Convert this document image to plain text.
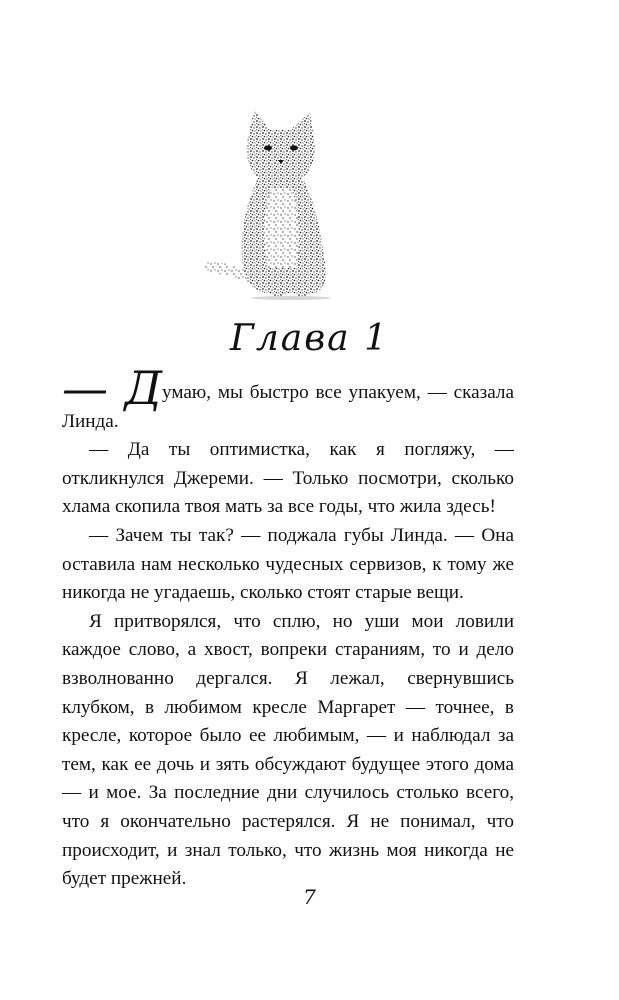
Глава 1

— Думаю, мы быстро все упакуем, — сказала Линда.

— Да ты оптимистка, как я погляжу, — откликнулся Джереми. — Только посмотри, сколько хлама скопила твоя мать за все годы, что жила здесь!

— Зачем ты так? — поджала губы Линда. — Она оставила нам несколько чудесных сервизов, к тому же никогда не угадаешь, сколько стоят старые вещи.

Я притворялся, что сплю, но уши мои ловили каждое слово, а хвост, вопреки стараниям, то и дело взволнованно дергался. Я лежал, свернувшись клубком, в любимом кресле Маргарет — точнее, в кресле, которое было ее любимым, — и наблюдал за тем, как ее дочь и зять обсуждают будущее этого дома — и мое. За последние дни случилось столько всего, что я окончательно растерялся. Я не понимал, что происходит, и знал только, что жизнь моя никогда не будет прежней.

7
